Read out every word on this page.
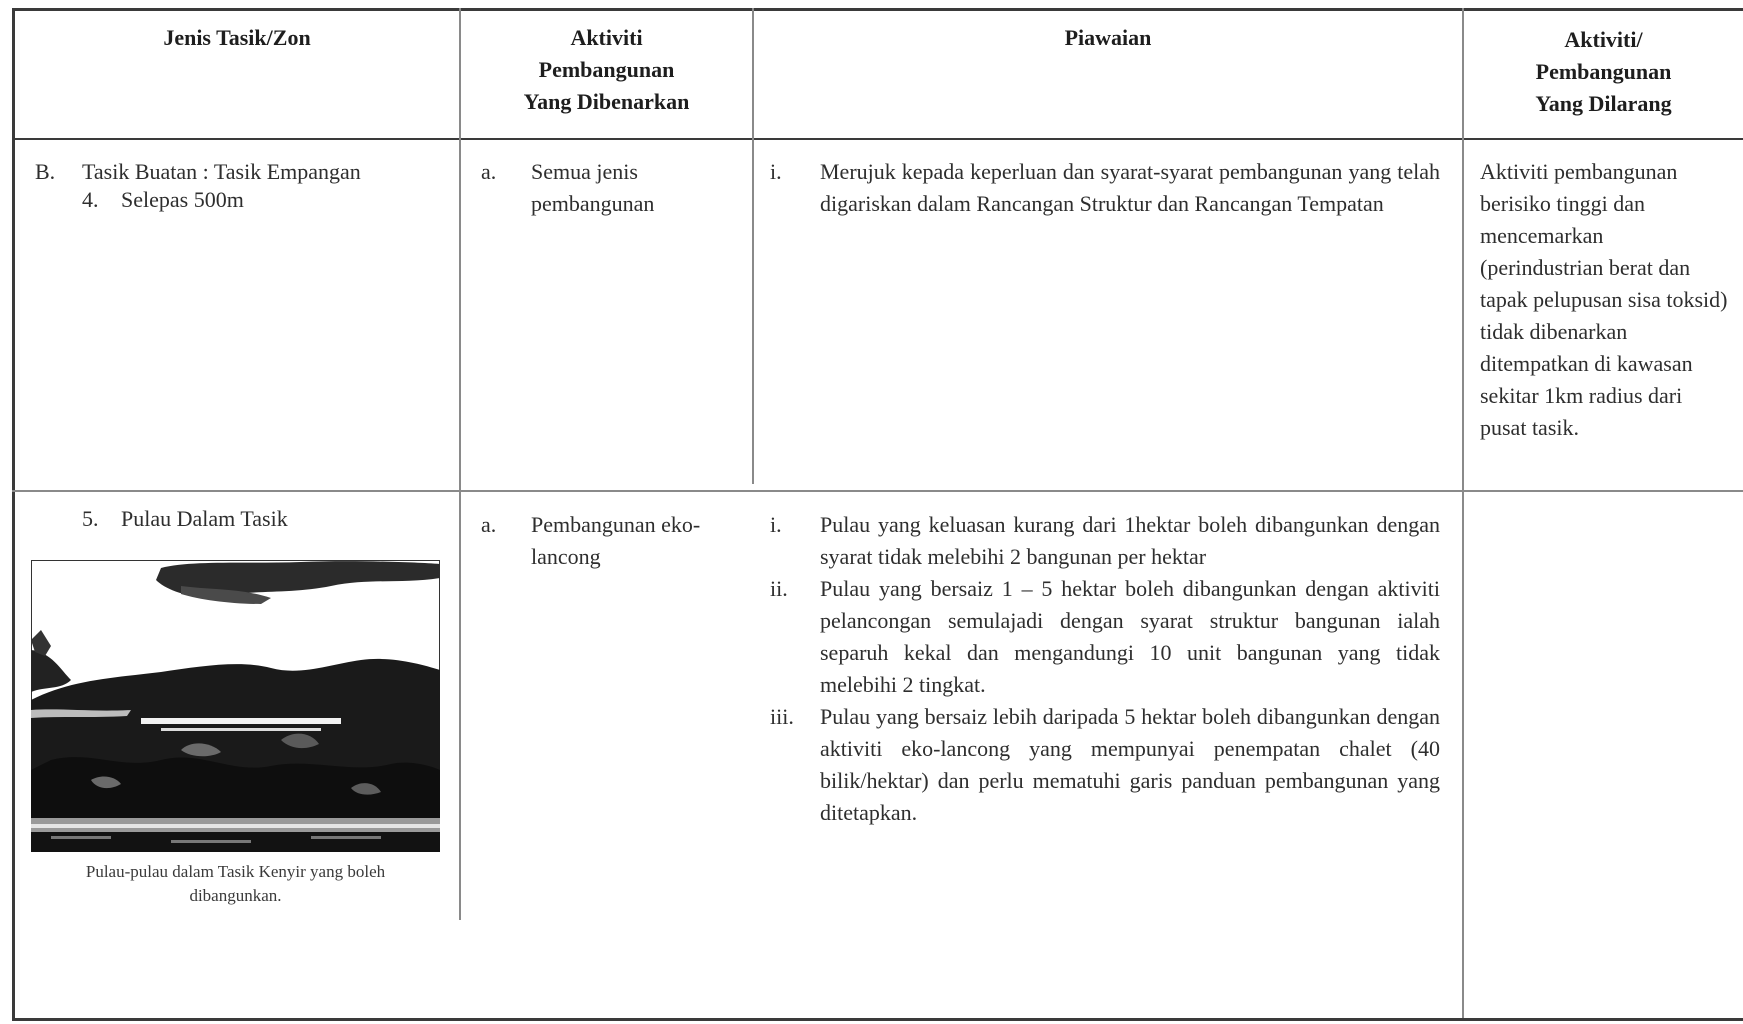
Jenis Tasik/Zon	Aktiviti
Pembangunan
Yang Dibenarkan
Piawaian	Aktiviti/
Pembangunan
Yang Dilarang
B. Tasik Buatan : Tasik Empangan
4. Selepas 500m
a. Semua jenis pembangunan
i. Merujuk kepada keperluan dan syarat-syarat pembangunan yang telah digariskan dalam Rancangan Struktur dan Rancangan Tempatan
Aktiviti pembangunan berisiko tinggi dan mencemarkan (perindustrian berat dan tapak pelupusan sisa toksid) tidak dibenarkan ditempatkan di kawasan sekitar 1km radius dari pusat tasik.
5. Pulau Dalam Tasik
Pulau-pulau dalam Tasik Kenyir yang boleh dibangunkan.
a. Pembangunan eko-lancong
i. Pulau yang keluasan kurang dari 1hektar boleh dibangunkan dengan syarat tidak melebihi 2 bangunan per hektar
ii. Pulau yang bersaiz 1 – 5 hektar boleh dibangunkan dengan aktiviti pelancongan semulajadi dengan syarat struktur bangunan ialah separuh kekal dan mengandungi 10 unit bangunan yang tidak melebihi 2 tingkat.
iii. Pulau yang bersaiz lebih daripada 5 hektar boleh dibangunkan dengan aktiviti eko-lancong yang mempunyai penempatan chalet (40 bilik/hektar) dan perlu mematuhi garis panduan pembangunan yang ditetapkan.
